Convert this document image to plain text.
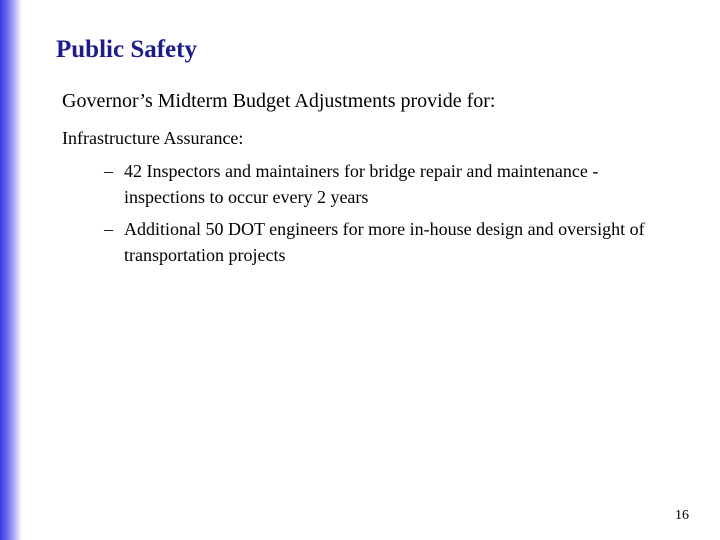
Public Safety
Governor’s Midterm Budget Adjustments provide for:
Infrastructure Assurance:
– 42 Inspectors and maintainers for bridge repair and maintenance - inspections to occur every 2 years
– Additional 50 DOT engineers for more in-house design and oversight of transportation projects
16
